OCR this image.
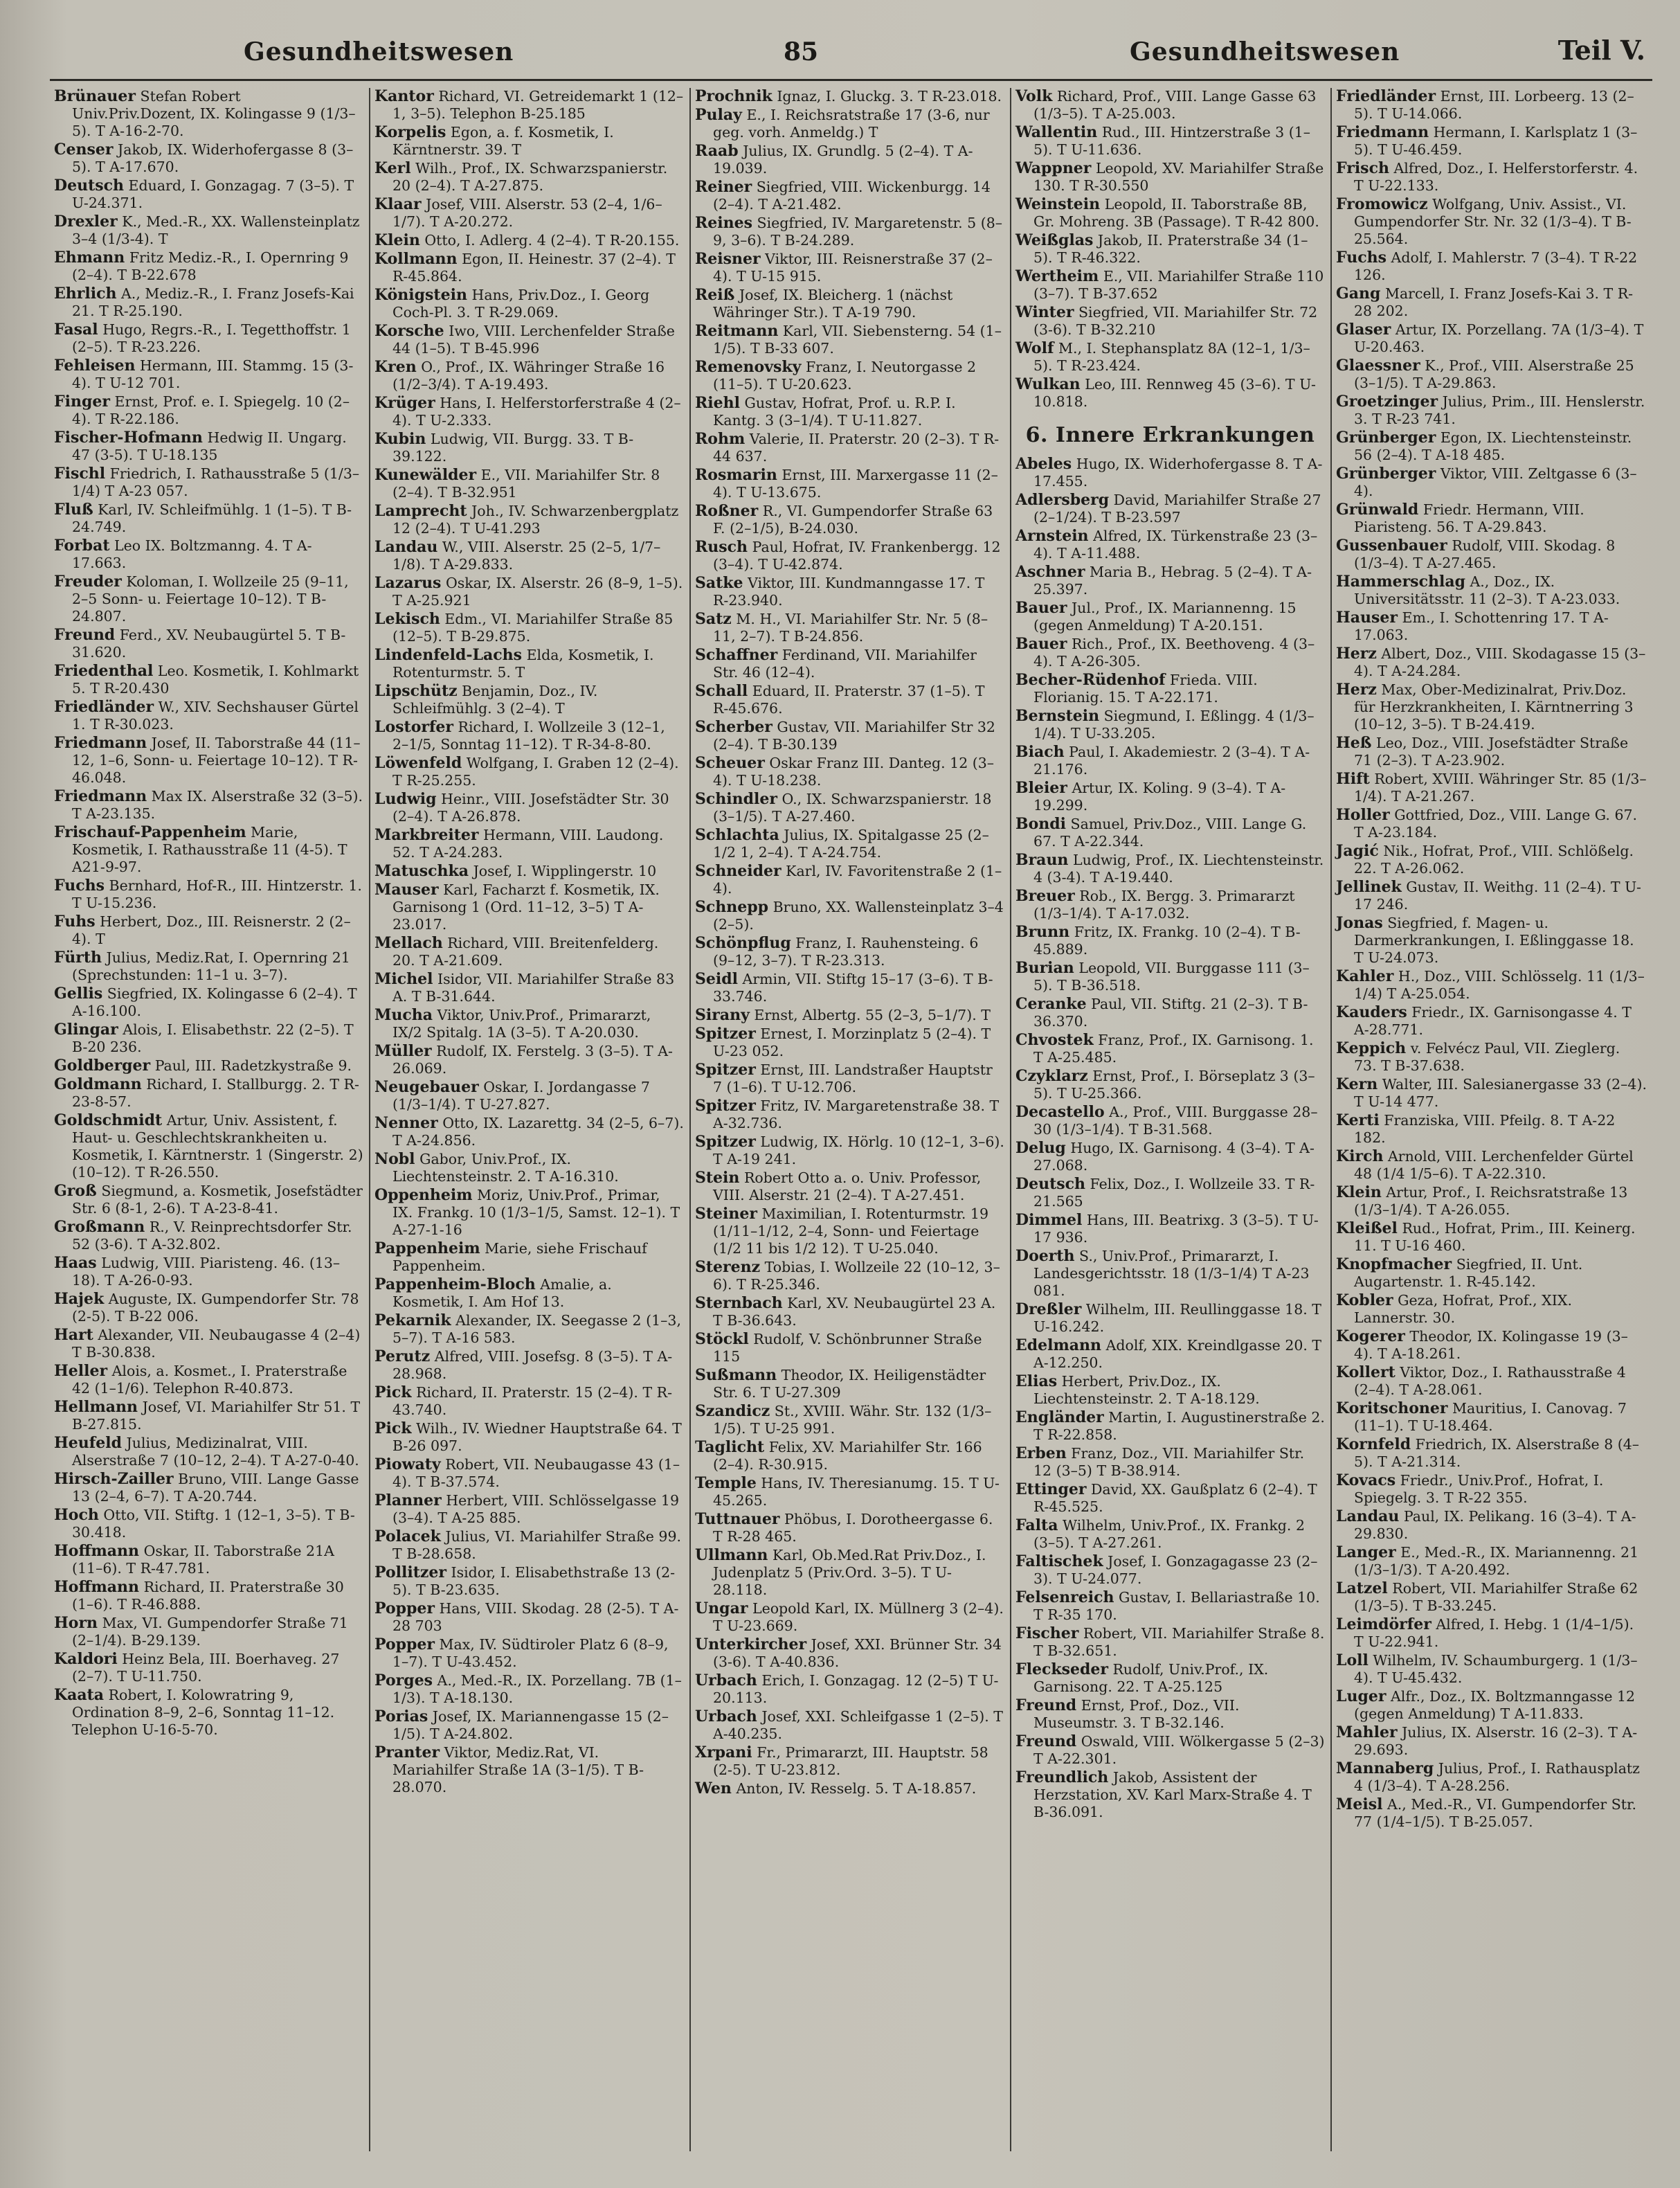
Gesundheitswesen	85	Gesundheitswesen	Teil V.
Brünauer Stefan Robert Univ.Priv.Dozent, IX. Kolingasse 9 (1/3–5). T A-16-2-70.
Censer Jakob, IX. Widerhofergasse 8 (3–5). T A-17.670.
Deutsch Eduard, I. Gonzagag. 7 (3–5). T U-24.371.
Drexler K., Med.-R., XX. Wallensteinplatz 3–4 (1/3-4). T
Ehmann Fritz Mediz.-R., I. Opernring 9 (2–4). T B-22.678
Ehrlich A., Mediz.-R., I. Franz Josefs-Kai 21. T R-25.190.
Fasal Hugo, Regrs.-R., I. Tegetthoffstr. 1 (2–5). T R-23.226.
Fehleisen Hermann, III. Stammg. 15 (3-4). T U-12 701.
Finger Ernst, Prof. e. I. Spiegelg. 10 (2–4). T R-22.186.
Fischer-Hofmann Hedwig II. Ungarg. 47 (3-5). T U-18.135
Fischl Friedrich, I. Rathausstraße 5 (1/3–1/4) T A-23 057.
Fluß Karl, IV. Schleifmühlg. 1 (1–5). T B-24.749.
Forbat Leo IX. Boltzmanng. 4. T A-17.663.
Freuder Koloman, I. Wollzeile 25 (9–11, 2–5 Sonn- u. Feiertage 10–12). T B-24.807.
Freund Ferd., XV. Neubaugürtel 5. T B-31.620.
Friedenthal Leo. Kosmetik, I. Kohlmarkt 5. T R-20.430
Friedländer W., XIV. Sechshauser Gürtel 1. T R-30.023.
Friedmann Josef, II. Taborstraße 44 (11–12, 1–6, Sonn- u. Feiertage 10–12). T R-46.048.
Friedmann Max IX. Alserstraße 32 (3–5). T A-23.135.
Frischauf-Pappenheim Marie, Kosmetik, I. Rathausstraße 11 (4-5). T A21-9-97.
Fuchs Bernhard, Hof-R., III. Hintzerstr. 1. T U-15.236.
Fuhs Herbert, Doz., III. Reisnerstr. 2 (2–4). T
Fürth Julius, Mediz.Rat, I. Opernring 21 (Sprechstunden: 11–1 u. 3–7).
Gellis Siegfried, IX. Kolingasse 6 (2–4). T A-16.100.
Glingar Alois, I. Elisabethstr. 22 (2–5). T B-20 236.
Goldberger Paul, III. Radetzkystraße 9.
Goldmann Richard, I. Stallburgg. 2. T R-23-8-57.
Goldschmidt Artur, Univ. Assistent, f. Haut- u. Geschlechtskrankheiten u. Kosmetik, I. Kärntnerstr. 1 (Singerstr. 2) (10–12). T R-26.550.
Groß Siegmund, a. Kosmetik, Josefstädter Str. 6 (8-1, 2-6). T A-23-8-41.
Großmann R., V. Reinprechtsdorfer Str. 52 (3-6). T A-32.802.
Haas Ludwig, VIII. Piaristeng. 46. (13–18). T A-26-0-93.
Hajek Auguste, IX. Gumpendorfer Str. 78 (2-5). T B-22 006.
Hart Alexander, VII. Neubaugasse 4 (2–4) T B-30.838.
Heller Alois, a. Kosmet., I. Praterstraße 42 (1–1/6). Telephon R-40.873.
Hellmann Josef, VI. Mariahilfer Str 51. T B-27.815.
Heufeld Julius, Medizinalrat, VIII. Alserstraße 7 (10–12, 2–4). T A-27-0-40.
Hirsch-Zailler Bruno, VIII. Lange Gasse 13 (2–4, 6–7). T A-20.744.
Hoch Otto, VII. Stiftg. 1 (12–1, 3–5). T B-30.418.
Hoffmann Oskar, II. Taborstraße 21A (11–6). T R-47.781.
Hoffmann Richard, II. Praterstraße 30 (1–6). T R-46.888.
Horn Max, VI. Gumpendorfer Straße 71 (2–1/4). B-29.139.
Kaldori Heinz Bela, III. Boerhaveg. 27 (2–7). T U-11.750.
Kaata Robert, I. Kolowratring 9, Ordination 8–9, 2–6, Sonntag 11–12. Telephon U-16-5-70.
Kantor Richard, VI. Getreidemarkt 1 (12–1, 3–5). Telephon B-25.185
Korpelis Egon, a. f. Kosmetik, I. Kärntnerstr. 39. T
Kerl Wilh., Prof., IX. Schwarzspanierstr. 20 (2–4). T A-27.875.
Klaar Josef, VIII. Alserstr. 53 (2–4, 1/6–1/7). T A-20.272.
Klein Otto, I. Adlerg. 4 (2–4). T R-20.155.
Kollmann Egon, II. Heinestr. 37 (2–4). T R-45.864.
Königstein Hans, Priv.Doz., I. Georg Coch-Pl. 3. T R-29.069.
Korsche Iwo, VIII. Lerchenfelder Straße 44 (1–5). T B-45.996
Kren O., Prof., IX. Währinger Straße 16 (1/2–3/4). T A-19.493.
Krüger Hans, I. Helferstorferstraße 4 (2–4). T U-2.333.
Kubin Ludwig, VII. Burgg. 33. T B-39.122.
Kunewälder E., VII. Mariahilfer Str. 8 (2–4). T B-32.951
Lamprecht Joh., IV. Schwarzenbergplatz 12 (2–4). T U-41.293
Landau W., VIII. Alserstr. 25 (2–5, 1/7–1/8). T A-29.833.
Lazarus Oskar, IX. Alserstr. 26 (8–9, 1–5). T A-25.921
Lekisch Edm., VI. Mariahilfer Straße 85 (12–5). T B-29.875.
Lindenfeld-Lachs Elda, Kosmetik, I. Rotenturmstr. 5. T
Lipschütz Benjamin, Doz., IV. Schleifmühlg. 3 (2–4). T
Lostorfer Richard, I. Wollzeile 3 (12–1, 2–1/5, Sonntag 11–12). T R-34-8-80.
Löwenfeld Wolfgang, I. Graben 12 (2–4). T R-25.255.
Ludwig Heinr., VIII. Josefstädter Str. 30 (2–4). T A-26.878.
Markbreiter Hermann, VIII. Laudong. 52. T A-24.283.
Matuschka Josef, I. Wipplingerstr. 10
Mauser Karl, Facharzt f. Kosmetik, IX. Garnisong 1 (Ord. 11–12, 3–5) T A-23.017.
Mellach Richard, VIII. Breitenfelderg. 20. T A-21.609.
Michel Isidor, VII. Mariahilfer Straße 83 A. T B-31.644.
Mucha Viktor, Univ.Prof., Primararzt, IX/2 Spitalg. 1A (3–5). T A-20.030.
Müller Rudolf, IX. Ferstelg. 3 (3–5). T A-26.069.
Neugebauer Oskar, I. Jordangasse 7 (1/3–1/4). T U-27.827.
Nenner Otto, IX. Lazarettg. 34 (2–5, 6–7). T A-24.856.
Nobl Gabor, Univ.Prof., IX. Liechtensteinstr. 2. T A-16.310.
Oppenheim Moriz, Univ.Prof., Primar, IX. Frankg. 10 (1/3–1/5, Samst. 12–1). T A-27-1-16
Pappenheim Marie, siehe Frischauf Pappenheim.
Pappenheim-Bloch Amalie, a. Kosmetik, I. Am Hof 13.
Pekarnik Alexander, IX. Seegasse 2 (1–3, 5–7). T A-16 583.
Perutz Alfred, VIII. Josefsg. 8 (3–5). T A-28.968.
Pick Richard, II. Praterstr. 15 (2–4). T R-43.740.
Pick Wilh., IV. Wiedner Hauptstraße 64. T B-26 097.
Piowaty Robert, VII. Neubaugasse 43 (1–4). T B-37.574.
Planner Herbert, VIII. Schlösselgasse 19 (3–4). T A-25 885.
Polacek Julius, VI. Mariahilfer Straße 99. T B-28.658.
Pollitzer Isidor, I. Elisabethstraße 13 (2-5). T B-23.635.
Popper Hans, VIII. Skodag. 28 (2-5). T A-28 703
Popper Max, IV. Südtiroler Platz 6 (8–9, 1–7). T U-43.452.
Porges A., Med.-R., IX. Porzellang. 7B (1–1/3). T A-18.130.
Porias Josef, IX. Mariannengasse 15 (2–1/5). T A-24.802.
Pranter Viktor, Mediz.Rat, VI. Mariahilfer Straße 1A (3–1/5). T B-28.070.
Prochnik Ignaz, I. Gluckg. 3. T R-23.018.
Pulay E., I. Reichsratstraße 17 (3-6, nur geg. vorh. Anmeldg.) T
Raab Julius, IX. Grundlg. 5 (2–4). T A-19.039.
Reiner Siegfried, VIII. Wickenburgg. 14 (2–4). T A-21.482.
Reines Siegfried, IV. Margaretenstr. 5 (8–9, 3–6). T B-24.289.
Reisner Viktor, III. Reisnerstraße 37 (2–4). T U-15 915.
Reiß Josef, IX. Bleicherg. 1 (nächst Währinger Str.). T A-19 790.
Reitmann Karl, VII. Siebensterng. 54 (1–1/5). T B-33 607.
Remenovsky Franz, I. Neutorgasse 2 (11–5). T U-20.623.
Riehl Gustav, Hofrat, Prof. u. R.P. I. Kantg. 3 (3–1/4). T U-11.827.
Rohm Valerie, II. Praterstr. 20 (2–3). T R-44 637.
Rosmarin Ernst, III. Marxergasse 11 (2–4). T U-13.675.
Roßner R., VI. Gumpendorfer Straße 63 F. (2–1/5), B-24.030.
Rusch Paul, Hofrat, IV. Frankenbergg. 12 (3–4). T U-42.874.
Satke Viktor, III. Kundmanngasse 17. T R-23.940.
Satz M. H., VI. Mariahilfer Str. Nr. 5 (8–11, 2–7). T B-24.856.
Schaffner Ferdinand, VII. Mariahilfer Str. 46 (12–4).
Schall Eduard, II. Praterstr. 37 (1–5). T R-45.676.
Scherber Gustav, VII. Mariahilfer Str 32 (2–4). T B-30.139
Scheuer Oskar Franz III. Danteg. 12 (3–4). T U-18.238.
Schindler O., IX. Schwarzspanierstr. 18 (3–1/5). T A-27.460.
Schlachta Julius, IX. Spitalgasse 25 (2–1/2 1, 2–4). T A-24.754.
Schneider Karl, IV. Favoritenstraße 2 (1–4).
Schnepp Bruno, XX. Wallensteinplatz 3–4 (2–5).
Schönpflug Franz, I. Rauhensteing. 6 (9–12, 3–7). T R-23.313.
Seidl Armin, VII. Stiftg 15–17 (3–6). T B-33.746.
Sirany Ernst, Albertg. 55 (2–3, 5–1/7). T
Spitzer Ernest, I. Morzinplatz 5 (2–4). T U-23 052.
Spitzer Ernst, III. Landstraßer Hauptstr 7 (1–6). T U-12.706.
Spitzer Fritz, IV. Margaretenstraße 38. T A-32.736.
Spitzer Ludwig, IX. Hörlg. 10 (12–1, 3–6). T A-19 241.
Stein Robert Otto a. o. Univ. Professor, VIII. Alserstr. 21 (2–4). T A-27.451.
Steiner Maximilian, I. Rotenturmstr. 19 (1/11–1/12, 2–4, Sonn- und Feiertage (1/2 11 bis 1/2 12). T U-25.040.
Sterenz Tobias, I. Wollzeile 22 (10–12, 3–6). T R-25.346.
Sternbach Karl, XV. Neubaugürtel 23 A. T B-36.643.
Stöckl Rudolf, V. Schönbrunner Straße 115
Sußmann Theodor, IX. Heiligenstädter Str. 6. T U-27.309
Szandicz St., XVIII. Währ. Str. 132 (1/3–1/5). T U-25 991.
Taglicht Felix, XV. Mariahilfer Str. 166 (2–4). R-30.915.
Temple Hans, IV. Theresianumg. 15. T U-45.265.
Tuttnauer Phöbus, I. Dorotheergasse 6. T R-28 465.
Ullmann Karl, Ob.Med.Rat Priv.Doz., I. Judenplatz 5 (Priv.Ord. 3–5). T U-28.118.
Ungar Leopold Karl, IX. Müllnerg 3 (2–4). T U-23.669.
Unterkircher Josef, XXI. Brünner Str. 34 (3-6). T A-40.836.
Urbach Erich, I. Gonzagag. 12 (2–5) T U-20.113.
Urbach Josef, XXI. Schleifgasse 1 (2–5). T A-40.235.
Xrpani Fr., Primararzt, III. Hauptstr. 58 (2-5). T U-23.812.
Wen Anton, IV. Resselg. 5. T A-18.857.
Volk Richard, Prof., VIII. Lange Gasse 63 (1/3–5). T A-25.003.
Wallentin Rud., III. Hintzerstraße 3 (1–5). T U-11.636.
Wappner Leopold, XV. Mariahilfer Straße 130. T R-30.550
Weinstein Leopold, II. Taborstraße 8B, Gr. Mohreng. 3B (Passage). T R-42 800.
Weißglas Jakob, II. Praterstraße 34 (1–5). T R-46.322.
Wertheim E., VII. Mariahilfer Straße 110 (3–7). T B-37.652
Winter Siegfried, VII. Mariahilfer Str. 72 (3-6). T B-32.210
Wolf M., I. Stephansplatz 8A (12–1, 1/3–5). T R-23.424.
Wulkan Leo, III. Rennweg 45 (3–6). T U-10.818.
6. Innere Erkrankungen
Abeles Hugo, IX. Widerhofergasse 8. T A-17.455.
Adlersberg David, Mariahilfer Straße 27 (2–1/24). T B-23.597
Arnstein Alfred, IX. Türkenstraße 23 (3–4). T A-11.488.
Aschner Maria B., Hebrag. 5 (2–4). T A-25.397.
Bauer Jul., Prof., IX. Mariannenng. 15 (gegen Anmeldung) T A-20.151.
Bauer Rich., Prof., IX. Beethoveng. 4 (3–4). T A-26-305.
Becher-Rüdenhof Frieda. VIII. Florianig. 15. T A-22.171.
Bernstein Siegmund, I. Eßlingg. 4 (1/3–1/4). T U-33.205.
Biach Paul, I. Akademiestr. 2 (3–4). T A-21.176.
Bleier Artur, IX. Koling. 9 (3–4). T A-19.299.
Bondi Samuel, Priv.Doz., VIII. Lange G. 67. T A-22.344.
Braun Ludwig, Prof., IX. Liechtensteinstr. 4 (3-4). T A-19.440.
Breuer Rob., IX. Bergg. 3. Primararzt (1/3–1/4). T A-17.032.
Brunn Fritz, IX. Frankg. 10 (2–4). T B-45.889.
Burian Leopold, VII. Burggasse 111 (3–5). T B-36.518.
Ceranke Paul, VII. Stiftg. 21 (2–3). T B-36.370.
Chvostek Franz, Prof., IX. Garnisong. 1. T A-25.485.
Czyklarz Ernst, Prof., I. Börseplatz 3 (3–5). T U-25.366.
Decastello A., Prof., VIII. Burggasse 28–30 (1/3–1/4). T B-31.568.
Delug Hugo, IX. Garnisong. 4 (3–4). T A-27.068.
Deutsch Felix, Doz., I. Wollzeile 33. T R-21.565
Dimmel Hans, III. Beatrixg. 3 (3–5). T U-17 936.
Doerth S., Univ.Prof., Primararzt, I. Landesgerichtsstr. 18 (1/3–1/4) T A-23 081.
Dreßler Wilhelm, III. Reullinggasse 18. T U-16.242.
Edelmann Adolf, XIX. Kreindlgasse 20. T A-12.250.
Elias Herbert, Priv.Doz., IX. Liechtensteinstr. 2. T A-18.129.
Engländer Martin, I. Augustinerstraße 2. T R-22.858.
Erben Franz, Doz., VII. Mariahilfer Str. 12 (3–5) T B-38.914.
Ettinger David, XX. Gaußplatz 6 (2–4). T R-45.525.
Falta Wilhelm, Univ.Prof., IX. Frankg. 2 (3–5). T A-27.261.
Faltischek Josef, I. Gonzagagasse 23 (2–3). T U-24.077.
Felsenreich Gustav, I. Bellariastraße 10. T R-35 170.
Fischer Robert, VII. Mariahilfer Straße 8. T B-32.651.
Fleckseder Rudolf, Univ.Prof., IX. Garnisong. 22. T A-25.125
Freund Ernst, Prof., Doz., VII. Museumstr. 3. T B-32.146.
Freund Oswald, VIII. Wölkergasse 5 (2–3) T A-22.301.
Freundlich Jakob, Assistent der Herzstation, XV. Karl Marx-Straße 4. T B-36.091.
Friedländer Ernst, III. Lorbeerg. 13 (2–5). T U-14.066.
Friedmann Hermann, I. Karlsplatz 1 (3–5). T U-46.459.
Frisch Alfred, Doz., I. Helferstorferstr. 4. T U-22.133.
Fromowicz Wolfgang, Univ. Assist., VI. Gumpendorfer Str. Nr. 32 (1/3–4). T B-25.564.
Fuchs Adolf, I. Mahlerstr. 7 (3–4). T R-22 126.
Gang Marcell, I. Franz Josefs-Kai 3. T R-28 202.
Glaser Artur, IX. Porzellang. 7A (1/3–4). T U-20.463.
Glaessner K., Prof., VIII. Alserstraße 25 (3–1/5). T A-29.863.
Groetzinger Julius, Prim., III. Henslerstr. 3. T R-23 741.
Grünberger Egon, IX. Liechtensteinstr. 56 (2–4). T A-18 485.
Grünberger Viktor, VIII. Zeltgasse 6 (3–4).
Grünwald Friedr. Hermann, VIII. Piaristeng. 56. T A-29.843.
Gussenbauer Rudolf, VIII. Skodag. 8 (1/3–4). T A-27.465.
Hammerschlag A., Doz., IX. Universitätsstr. 11 (2–3). T A-23.033.
Hauser Em., I. Schottenring 17. T A-17.063.
Herz Albert, Doz., VIII. Skodagasse 15 (3–4). T A-24.284.
Herz Max, Ober-Medizinalrat, Priv.Doz. für Herzkrankheiten, I. Kärntnerring 3 (10–12, 3–5). T B-24.419.
Heß Leo, Doz., VIII. Josefstädter Straße 71 (2–3). T A-23.902.
Hift Robert, XVIII. Währinger Str. 85 (1/3–1/4). T A-21.267.
Holler Gottfried, Doz., VIII. Lange G. 67. T A-23.184.
Jagić Nik., Hofrat, Prof., VIII. Schlößelg. 22. T A-26.062.
Jellinek Gustav, II. Weithg. 11 (2–4). T U-17 246.
Jonas Siegfried, f. Magen- u. Darmerkrankungen, I. Eßlinggasse 18. T U-24.073.
Kahler H., Doz., VIII. Schlösselg. 11 (1/3–1/4) T A-25.054.
Kauders Friedr., IX. Garnisongasse 4. T A-28.771.
Keppich v. Felvécz Paul, VII. Zieglerg. 73. T B-37.638.
Kern Walter, III. Salesianergasse 33 (2–4). T U-14 477.
Kerti Franziska, VIII. Pfeilg. 8. T A-22 182.
Kirch Arnold, VIII. Lerchenfelder Gürtel 48 (1/4 1/5–6). T A-22.310.
Klein Artur, Prof., I. Reichsratstraße 13 (1/3–1/4). T A-26.055.
Kleißel Rud., Hofrat, Prim., III. Keinerg. 11. T U-16 460.
Knopfmacher Siegfried, II. Unt. Augartenstr. 1. R-45.142.
Kobler Geza, Hofrat, Prof., XIX. Lannerstr. 30.
Kogerer Theodor, IX. Kolingasse 19 (3–4). T A-18.261.
Kollert Viktor, Doz., I. Rathausstraße 4 (2–4). T A-28.061.
Koritschoner Mauritius, I. Canovag. 7 (11–1). T U-18.464.
Kornfeld Friedrich, IX. Alserstraße 8 (4–5). T A-21.314.
Kovacs Friedr., Univ.Prof., Hofrat, I. Spiegelg. 3. T R-22 355.
Landau Paul, IX. Pelikang. 16 (3–4). T A-29.830.
Langer E., Med.-R., IX. Mariannenng. 21 (1/3–1/3). T A-20.492.
Latzel Robert, VII. Mariahilfer Straße 62 (1/3–5). T B-33.245.
Leimdörfer Alfred, I. Hebg. 1 (1/4–1/5). T U-22.941.
Loll Wilhelm, IV. Schaumburgerg. 1 (1/3–4). T U-45.432.
Luger Alfr., Doz., IX. Boltzmanngasse 12 (gegen Anmeldung) T A-11.833.
Mahler Julius, IX. Alserstr. 16 (2–3). T A-29.693.
Mannaberg Julius, Prof., I. Rathausplatz 4 (1/3–4). T A-28.256.
Meisl A., Med.-R., VI. Gumpendorfer Str. 77 (1/4–1/5). T B-25.057.
